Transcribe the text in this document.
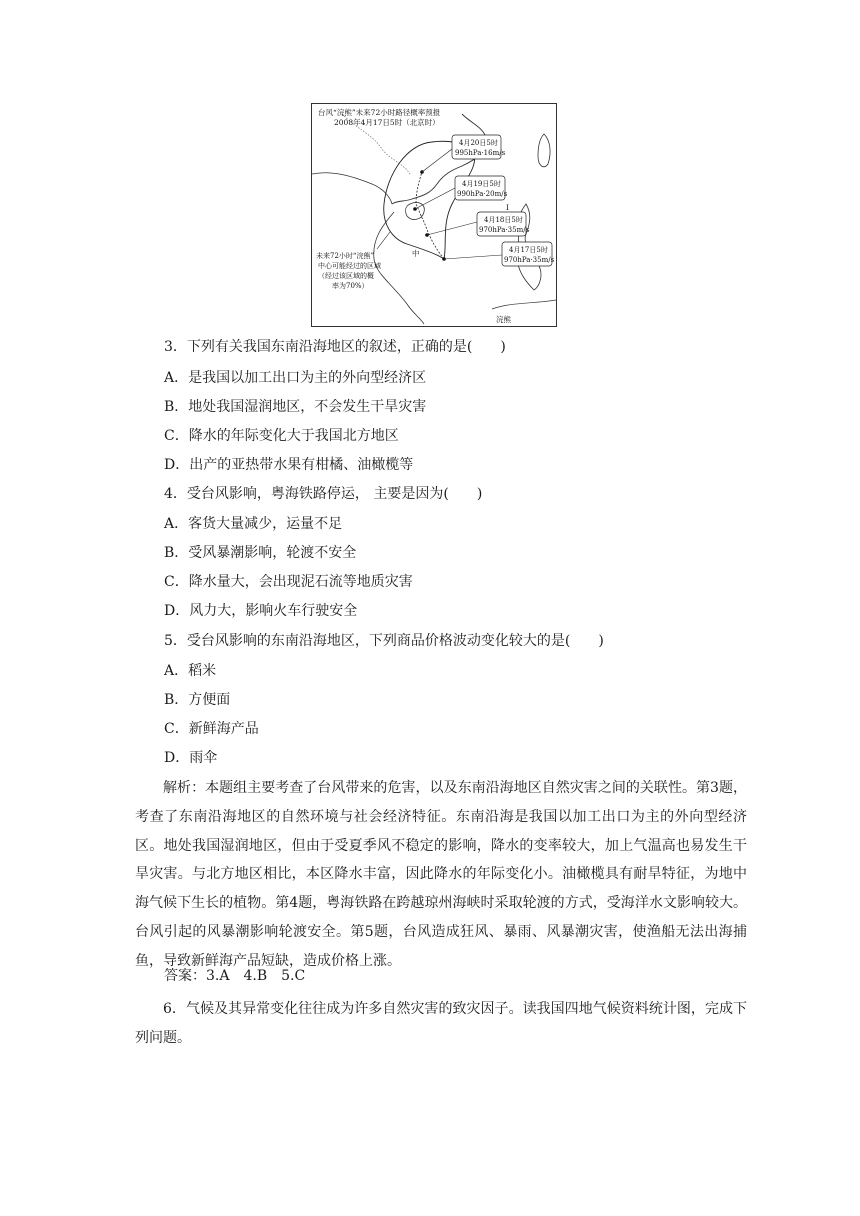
4月20日5时
995hPa·16m/s
4月19日5时
990hPa·20m/s
4月18日5时
970hPa·35m/s
4月17日5时
970hPa·35m/s
台风“浣熊”未来72小时路径概率预报
2008年4月17日5时（北京时）
未来72小时“浣熊”
中心可能经过的区域
（经过该区域的概
率为70%）
中
I
浣熊
3．下列有关我国东南沿海地区的叙述，正确的是(　　)
A．是我国以加工出口为主的外向型经济区
B．地处我国湿润地区，不会发生干旱灾害
C．降水的年际变化大于我国北方地区
D．出产的亚热带水果有柑橘、油橄榄等
4．受台风影响，粤海铁路停运， 主要是因为(　　)
A．客货大量减少，运量不足
B．受风暴潮影响，轮渡不安全
C．降水量大，会出现泥石流等地质灾害
D．风力大，影响火车行驶安全
5．受台风影响的东南沿海地区，下列商品价格波动变化较大的是(　　)
A．稻米
B．方便面
C．新鲜海产品
D．雨伞
解析：本题组主要考查了台风带来的危害，以及东南沿海地区自然灾害之间的关联性。第3题，考查了东南沿海地区的自然环境与社会经济特征。东南沿海是我国以加工出口为主的外向型经济区。地处我国湿润地区，但由于受夏季风不稳定的影响，降水的变率较大，加上气温高也易发生干旱灾害。与北方地区相比，本区降水丰富，因此降水的年际变化小。油橄榄具有耐旱特征，为地中海气候下生长的植物。第4题，粤海铁路在跨越琼州海峡时采取轮渡的方式，受海洋水文影响较大。台风引起的风暴潮影响轮渡安全。第5题，台风造成狂风、暴雨、风暴潮灾害，使渔船无法出海捕鱼，导致新鲜海产品短缺，造成价格上涨。
答案：3.A　4.B　5.C
6．气候及其异常变化往往成为许多自然灾害的致灾因子。读我国四地气候资料统计图，完成下列问题。
